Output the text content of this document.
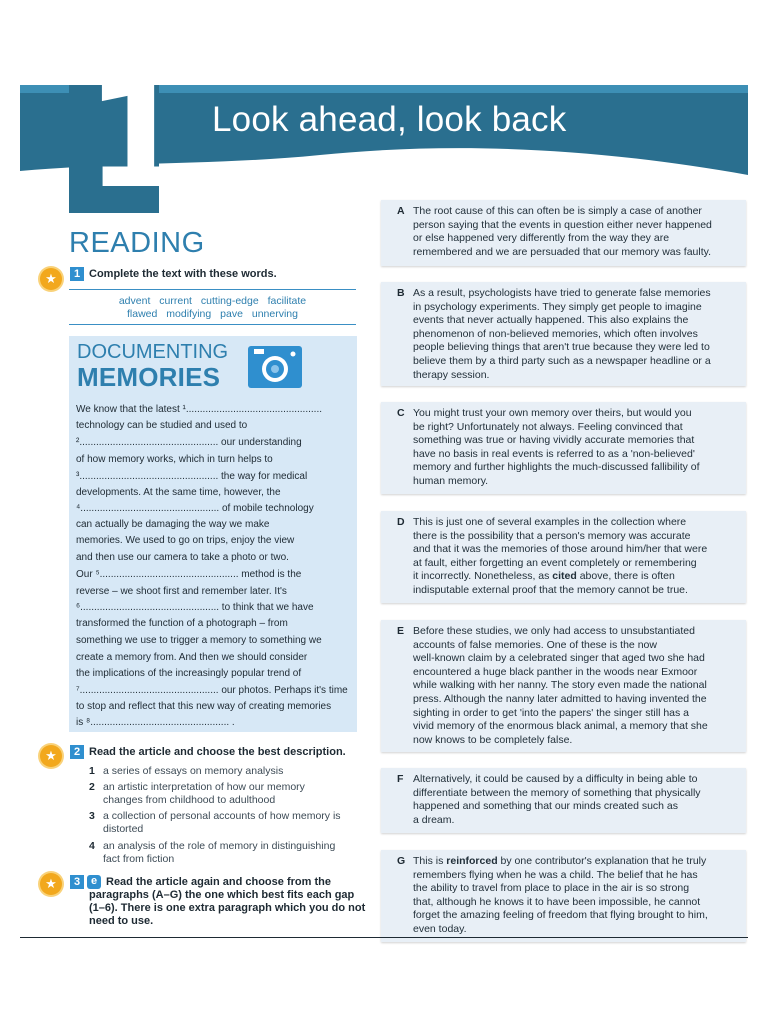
1 Look ahead, look back
READING
★	1 Complete the text with these words.

advent current cutting-edge facilitate
flawed modifying pave unnerving

DOCUMENTING

MEMORIES

We know that the latest ¹.................................................
technology can be studied and used to
².................................................. our understanding
of how memory works, which in turn helps to
³.................................................. the way for medical
developments. At the same time, however, the
⁴.................................................. of mobile technology
can actually be damaging the way we make
memories. We used to go on trips, enjoy the view
and then use our camera to take a photo or two.
Our ⁵.................................................. method is the
reverse – we shoot first and remember later. It's
⁶.................................................. to think that we have
transformed the function of a photograph – from
something we use to trigger a memory to something we
create a memory from. And then we should consider
the implications of the increasingly popular trend of
⁷.................................................. our photos. Perhaps it's time
to stop and reflect that this new way of creating memories
is ⁸.................................................. .
★	2 Read the article and choose the best description.

1 a series of essays on memory analysis
2 an artistic interpretation of how our memory
changes from childhood to adulthood
3 a collection of personal accounts of how memory is
distorted
4 an analysis of the role of memory in distinguishing
fact from fiction
★	3 e Read the article again and choose from the

paragraphs (A–G) the one which best fits each gap

(1–6). There is one extra paragraph which you do not

need to use.

A The root cause of this can often be is simply a case of another
person saying that the events in question either never happened
or else happened very differently from the way they are
remembered and we are persuaded that our memory was faulty.
B As a result, psychologists have tried to generate false memories
in psychology experiments. They simply get people to imagine
events that never actually happened. This also explains the
phenomenon of non-believed memories, which often involves
people believing things that aren't true because they were led to
believe them by a third party such as a newspaper headline or a
therapy session.
C You might trust your own memory over theirs, but would you
be right? Unfortunately not always. Feeling convinced that
something was true or having vividly accurate memories that
have no basis in real events is referred to as a 'non-believed'
memory and further highlights the much-discussed fallibility of
human memory.
D This is just one of several examples in the collection where
there is the possibility that a person's memory was accurate
and that it was the memories of those around him/her that were
at fault, either forgetting an event completely or remembering
it incorrectly. Nonetheless, as cited above, there is often
indisputable external proof that the memory cannot be true.
E Before these studies, we only had access to unsubstantiated
accounts of false memories. One of these is the now
well-known claim by a celebrated singer that aged two she had
encountered a huge black panther in the woods near Exmoor
while walking with her nanny. The story even made the national
press. Although the nanny later admitted to having invented the
sighting in order to get 'into the papers' the singer still has a
vivid memory of the enormous black animal, a memory that she
now knows to be completely false.
F Alternatively, it could be caused by a difficulty in being able to
differentiate between the memory of something that physically
happened and something that our minds created such as
a dream.
G This is reinforced by one contributor's explanation that he truly
remembers flying when he was a child. The belief that he has
the ability to travel from place to place in the air is so strong
that, although he knows it to have been impossible, he cannot
forget the amazing feeling of freedom that flying brought to him,
even today.
